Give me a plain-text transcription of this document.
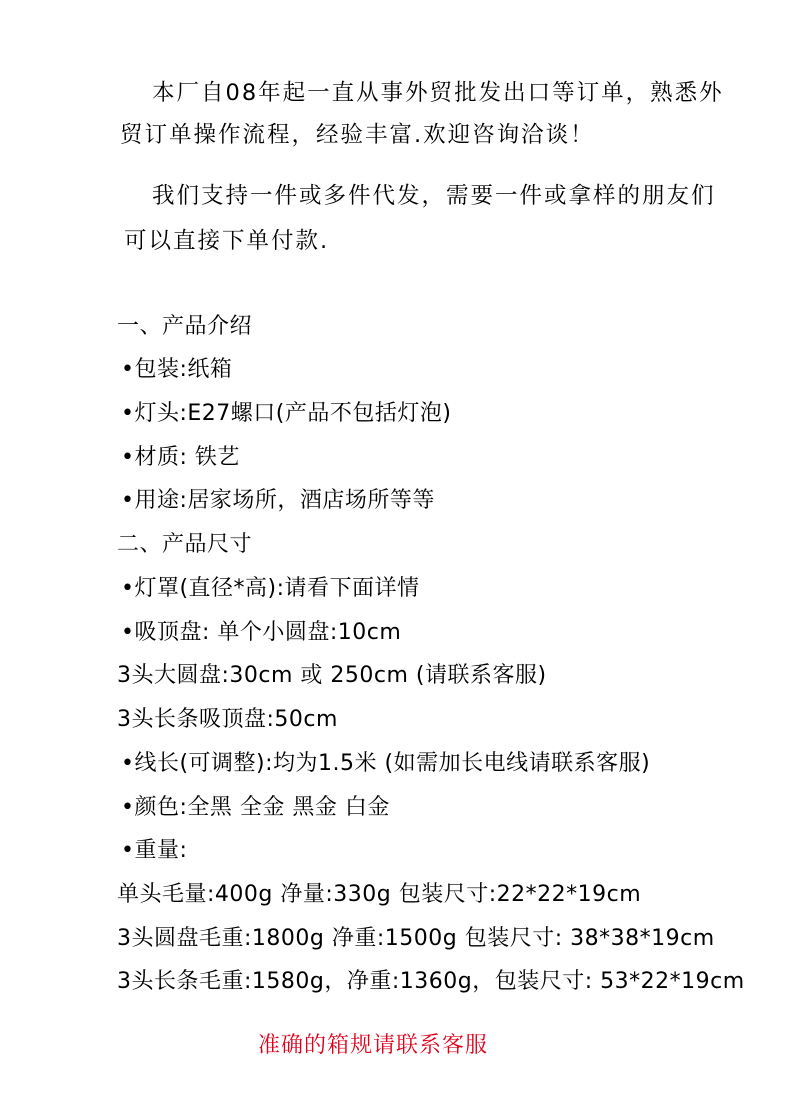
本厂自08年起一直从事外贸批发出口等订单，熟悉外
贸订单操作流程，经验丰富.欢迎咨询洽谈！
我们支持一件或多件代发，需要一件或拿样的朋友们
可以直接下单付款.
一、产品介绍
•包装:纸箱
•灯头:E27螺口(产品不包括灯泡)
•材质: 铁艺
•用途:居家场所，酒店场所等等
二、产品尺寸
•灯罩(直径*高):请看下面详情
•吸顶盘: 单个小圆盘:10cm
3头大圆盘:30cm 或 250cm (请联系客服)
3头长条吸顶盘:50cm
•线长(可调整):均为1.5米 (如需加长电线请联系客服)
•颜色:全黑 全金 黑金 白金
•重量:
单头毛量:400g 净量:330g 包装尺寸:22*22*19cm
3头圆盘毛重:1800g 净重:1500g 包装尺寸: 38*38*19cm
3头长条毛重:1580g，净重:1360g，包装尺寸: 53*22*19cm
准确的箱规请联系客服
